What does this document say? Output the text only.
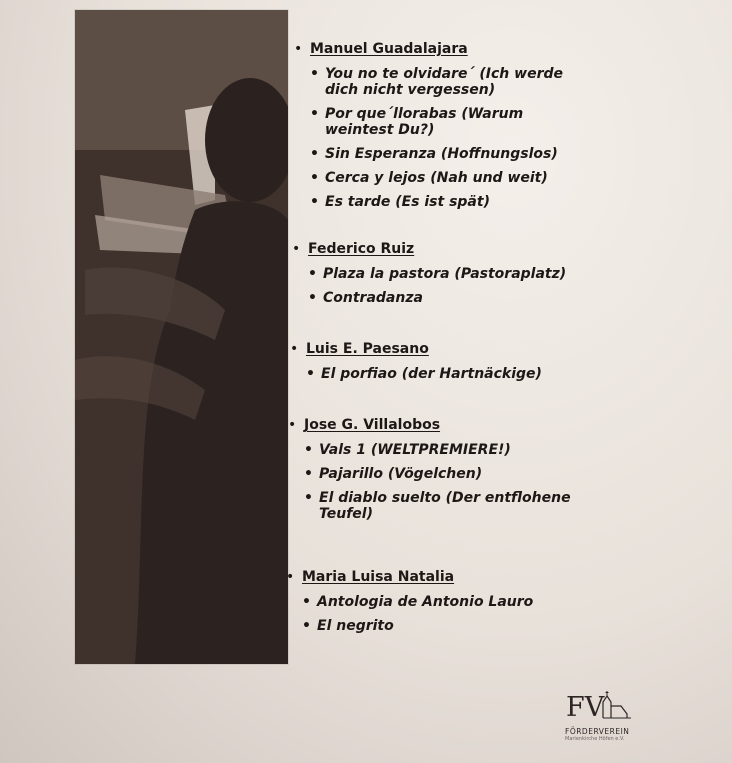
• Manuel Guadalajara
• You no te olvidare´ (Ich werde dich nicht vergessen)
• Por que´llorabas (Warum weintest Du?)
• Sin Esperanza (Hoffnungslos)
• Cerca y lejos (Nah und weit)
• Es tarde (Es ist spät)
• Federico Ruiz
• Plaza la pastora (Pastoraplatz)
• Contradanza
• Luis E. Paesano
• El porfiao (der Hartnäckige)
• Jose G. Villalobos
• Vals 1 (WELTPREMIERE!)
• Pajarillo (Vögelchen)
• El diablo suelto (Der entflohene Teufel)
• Maria Luisa Natalia
• Antologia de Antonio Lauro
• El negrito
FV
FÖRDERVEREIN
Marienkirche Höfen e.V.
